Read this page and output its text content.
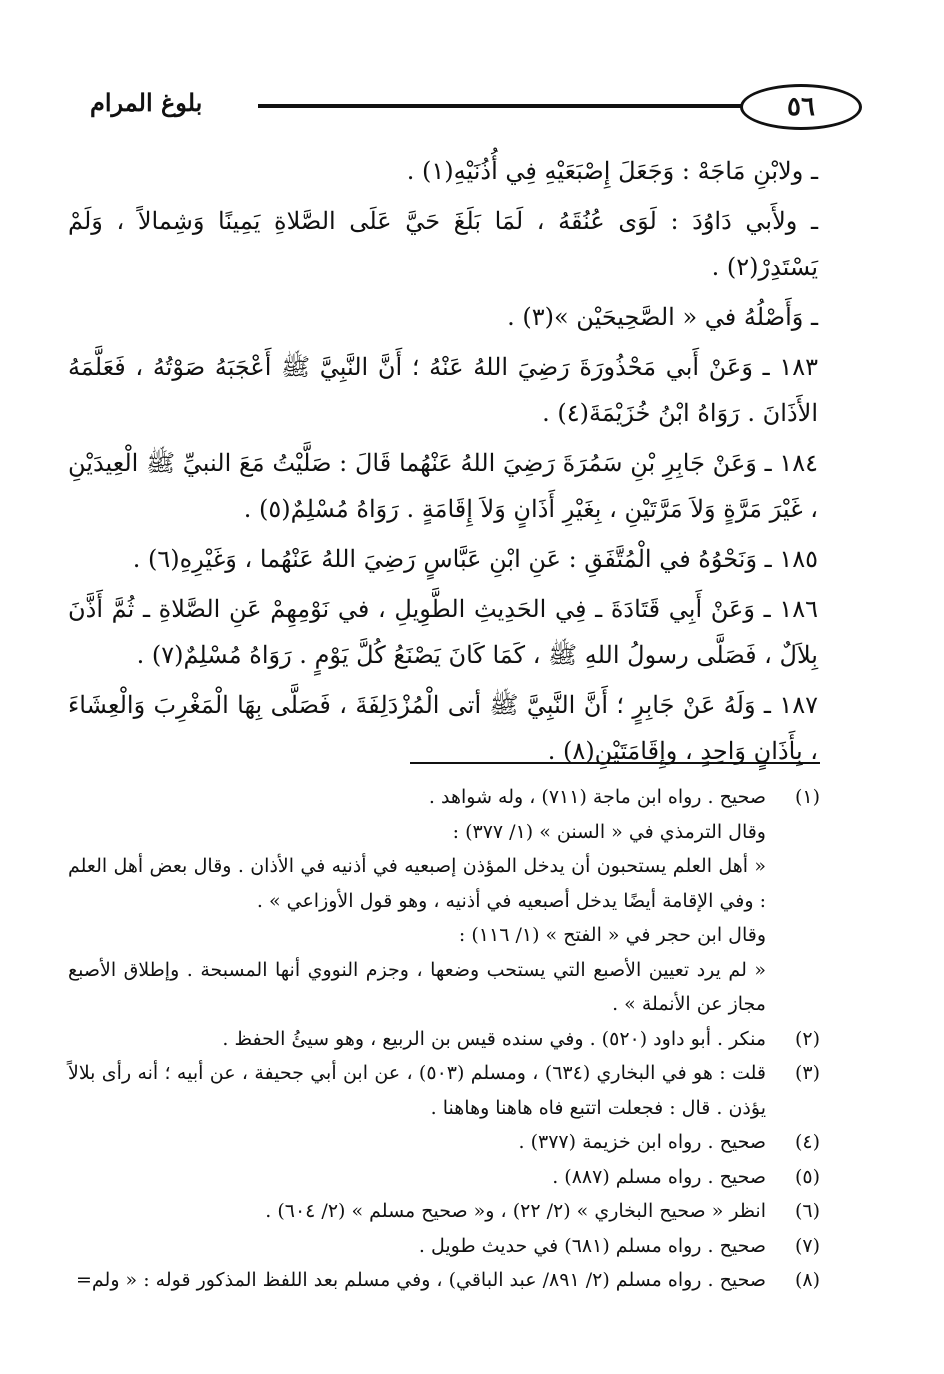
بلوغ المرام	٥٦

ـ ولابْنِ مَاجَهْ : وَجَعَلَ إِصْبَعَيْهِ فِي أُذُنَيْهِ(١) .

ـ ولأَبي دَاوُدَ : لَوَى عُنُقَهُ ، لَمَا بَلَغَ حَيَّ عَلَى الصَّلاةِ يَمِينًا وَشِمالاً ، وَلَمْ يَسْتَدِرْ(٢) .

ـ وَأَصْلُهُ في « الصَّحِيحَيْن »(٣) .

١٨٣ ـ وَعَنْ أَبي مَحْذُورَةَ رَضِيَ اللهُ عَنْهُ ؛ أَنَّ النَّبِيَّ ﷺ أَعْجَبَهُ صَوْتُهُ ، فَعَلَّمَهُ الأَذَانَ . رَوَاهُ ابْنُ خُزَيْمَةَ(٤) .

١٨٤ ـ وَعَنْ جَابِرِ بْنِ سَمُرَةَ رَضِيَ اللهُ عَنْهُما قَالَ : صَلَّيْتُ مَعَ النبيِّ ﷺ الْعِيدَيْنِ ، غَيْرَ مَرَّةٍ وَلاَ مَرَّتَيْنِ ، بِغَيْرِ أَذَانٍ وَلاَ إِقَامَةٍ . رَوَاهُ مُسْلِمٌ(٥) .

١٨٥ ـ وَنَحْوُهُ في الْمُتَّفَقِ : عَنِ ابْنِ عَبَّاسٍ رَضِيَ اللهُ عَنْهُما ، وَغَيْرِهِ(٦) .

١٨٦ ـ وَعَنْ أَبِي قَتَادَةَ ـ فِي الحَدِيثِ الطَّوِيلِ ، في نَوْمِهِمْ عَنِ الصَّلاةِ ـ ثُمَّ أَذَّنَ بِلاَلٌ ، فَصَلَّى رسولُ اللهِ ﷺ ، كَمَا كَانَ يَصْنَعُ كُلَّ يَوْمٍ . رَوَاهُ مُسْلِمٌ(٧) .

١٨٧ ـ وَلَهُ عَنْ جَابِرٍ ؛ أَنَّ النَّبِيَّ ﷺ أتى الْمُزْدَلِفَةَ ، فَصَلَّى بِهَا الْمَغْرِبَ وَالْعِشَاءَ ، بِأَذَانٍ وَاحِدٍ ، وإِقَامَتَيْنِ(٨) .

(١)
صحيح . رواه ابن ماجة (٧١١) ، وله شواهد .
وقال الترمذي في « السنن » (١/ ٣٧٧) :
« أهل العلم يستحبون أن يدخل المؤذن إصبعيه في أذنيه في الأذان . وقال بعض أهل العلم : وفي الإقامة أيضًا يدخل أصبعيه في أذنيه ، وهو قول الأوزاعي » .
وقال ابن حجر في « الفتح » (١/ ١١٦) :
« لم يرد تعيين الأصبع التي يستحب وضعها ، وجزم النووي أنها المسبحة . وإطلاق الأصبع مجاز عن الأنملة » .
(٢)
منكر . أبو داود (٥٢٠) . وفي سنده قيس بن الربيع ، وهو سيئُ الحفظ .
(٣)
قلت : هو في البخاري (٦٣٤) ، ومسلم (٥٠٣) ، عن ابن أبي جحيفة ، عن أبيه ؛ أنه رأى بلالاً يؤذن . قال : فجعلت اتتبع فاه هاهنا وهاهنا .
(٤)
صحيح . رواه ابن خزيمة (٣٧٧) .
(٥)
صحيح . رواه مسلم (٨٨٧) .
(٦)
انظر « صحيح البخاري » (٢/ ٢٢) ، و« صحيح مسلم » (٢/ ٦٠٤) .
(٧)
صحيح . رواه مسلم (٦٨١) في حديث طويل .
(٨)
صحيح . رواه مسلم (٢/ ٨٩١/ عبد الباقي) ، وفي مسلم بعد اللفظ المذكور قوله : « ولم=
